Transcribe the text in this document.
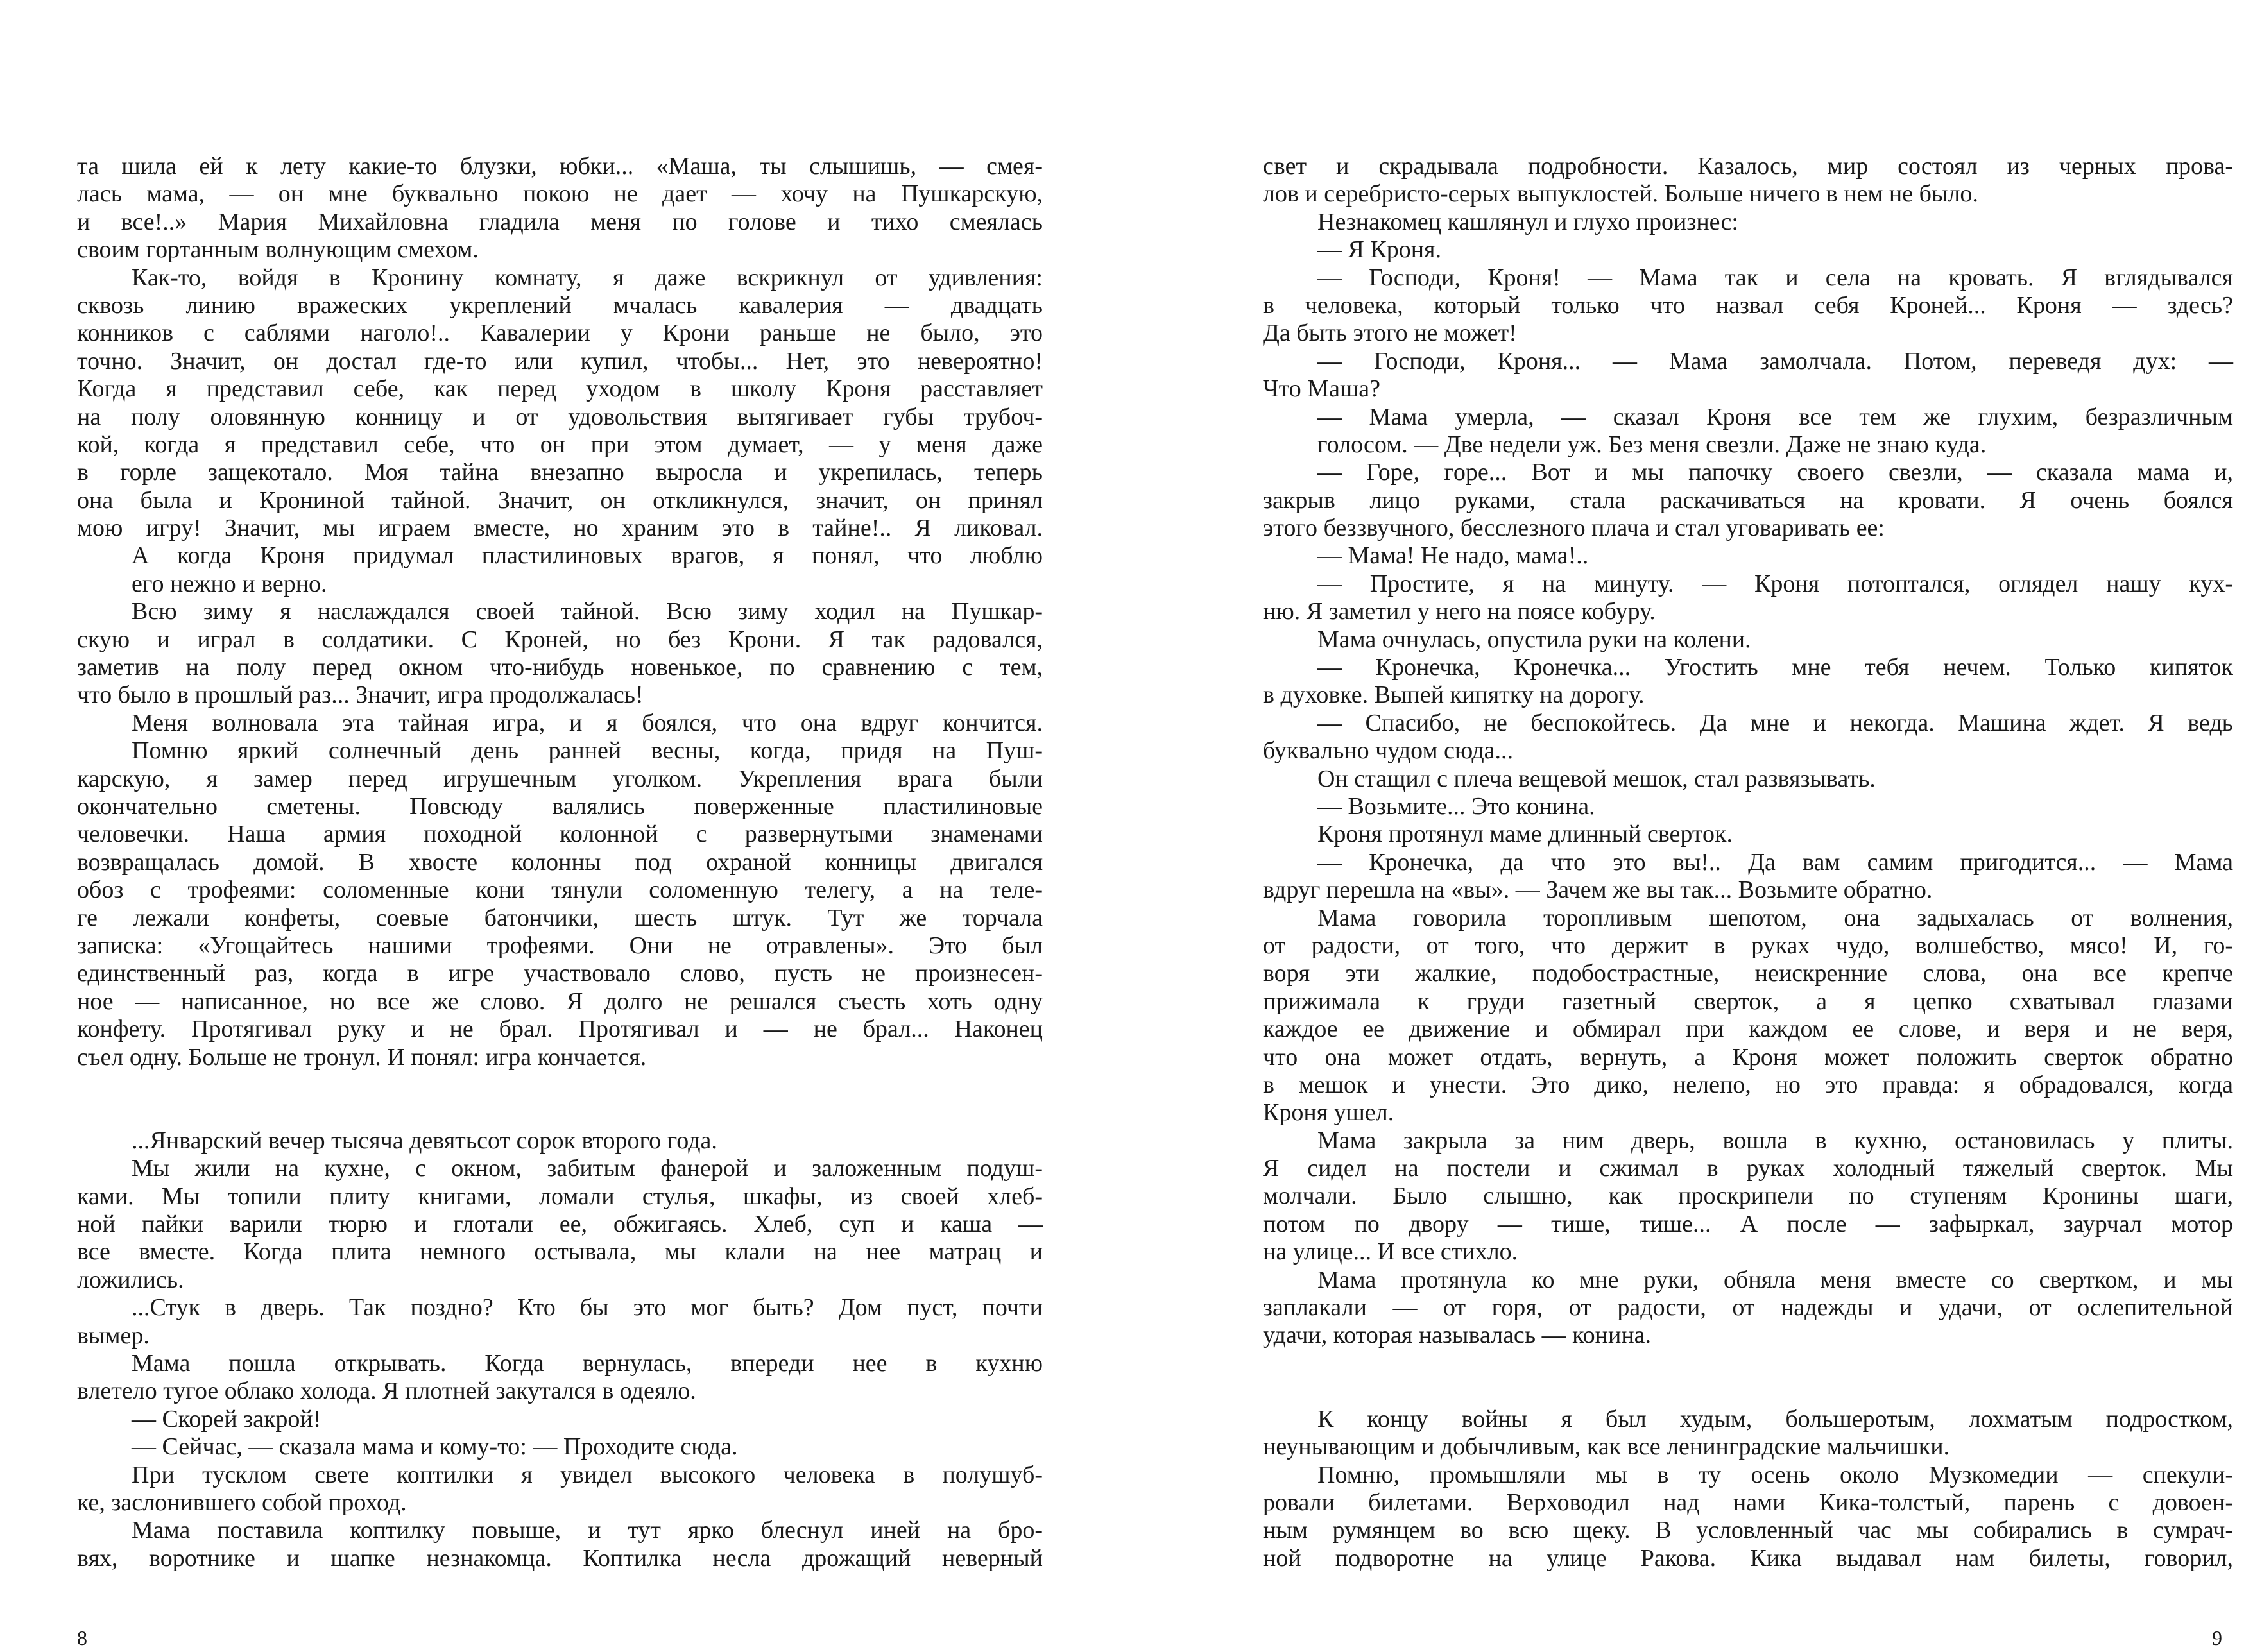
та шила ей к лету какие-то блузки, юбки... «Маша, ты слышишь, — смея-
лась мама, — он мне буквально покою не дает — хочу на Пушкарскую,
и все!..» Мария Михайловна гладила меня по голове и тихо смеялась
своим гортанным волнующим смехом.
Как-то, войдя в Кронину комнату, я даже вскрикнул от удивления:
сквозь линию вражеских укреплений мчалась кавалерия — двадцать
конников с саблями наголо!.. Кавалерии у Крони раньше не было, это
точно. Значит, он достал где-то или купил, чтобы... Нет, это невероятно!
Когда я представил себе, как перед уходом в школу Кроня расставляет
на полу оловянную конницу и от удовольствия вытягивает губы трубоч-
кой, когда я представил себе, что он при этом думает, — у меня даже
в горле защекотало. Моя тайна внезапно выросла и укрепилась, теперь
она была и Крониной тайной. Значит, он откликнулся, значит, он принял
мою игру! Значит, мы играем вместе, но храним это в тайне!.. Я ликовал.
А когда Кроня придумал пластилиновых врагов, я понял, что люблю
его нежно и верно.
Всю зиму я наслаждался своей тайной. Всю зиму ходил на Пушкар-
скую и играл в солдатики. С Кроней, но без Крони. Я так радовался,
заметив на полу перед окном что-нибудь новенькое, по сравнению с тем,
что было в прошлый раз... Значит, игра продолжалась!
Меня волновала эта тайная игра, и я боялся, что она вдруг кончится.
Помню яркий солнечный день ранней весны, когда, придя на Пуш-
карскую, я замер перед игрушечным уголком. Укрепления врага были
окончательно сметены. Повсюду валялись поверженные пластилиновые
человечки. Наша армия походной колонной с развернутыми знаменами
возвращалась домой. В хвосте колонны под охраной конницы двигался
обоз с трофеями: соломенные кони тянули соломенную телегу, а на теле-
ге лежали конфеты, соевые батончики, шесть штук. Тут же торчала
записка: «Угощайтесь нашими трофеями. Они не отравлены». Это был
единственный раз, когда в игре участвовало слово, пусть не произнесен-
ное — написанное, но все же слово. Я долго не решался съесть хоть одну
конфету. Протягивал руку и не брал. Протягивал и — не брал... Наконец
съел одну. Больше не тронул. И понял: игра кончается.
...Январский вечер тысяча девятьсот сорок второго года.
Мы жили на кухне, с окном, забитым фанерой и заложенным подуш-
ками. Мы топили плиту книгами, ломали стулья, шкафы, из своей хлеб-
ной пайки варили тюрю и глотали ее, обжигаясь. Хлеб, суп и каша —
все вместе. Когда плита немного остывала, мы клали на нее матрац и
ложились.
...Стук в дверь. Так поздно? Кто бы это мог быть? Дом пуст, почти
вымер.
Мама пошла открывать. Когда вернулась, впереди нее в кухню
влетело тугое облако холода. Я плотней закутался в одеяло.
— Скорей закрой!
— Сейчас, — сказала мама и кому-то: — Проходите сюда.
При тусклом свете коптилки я увидел высокого человека в полушуб-
ке, заслонившего собой проход.
Мама поставила коптилку повыше, и тут ярко блеснул иней на бро-
вях, воротнике и шапке незнакомца. Коптилка несла дрожащий неверный
свет и скрадывала подробности. Казалось, мир состоял из черных прова-
лов и серебристо-серых выпуклостей. Больше ничего в нем не было.
Незнакомец кашлянул и глухо произнес:
— Я Кроня.
— Господи, Кроня! — Мама так и села на кровать. Я вглядывался
в человека, который только что назвал себя Кроней... Кроня — здесь?
Да быть этого не может!
— Господи, Кроня... — Мама замолчала. Потом, переведя дух: —
Что Маша?
— Мама умерла, — сказал Кроня все тем же глухим, безразличным
голосом. — Две недели уж. Без меня свезли. Даже не знаю куда.
— Горе, горе... Вот и мы папочку своего свезли, — сказала мама и,
закрыв лицо руками, стала раскачиваться на кровати. Я очень боялся
этого беззвучного, бесслезного плача и стал уговаривать ее:
— Мама! Не надо, мама!..
— Простите, я на минуту. — Кроня потоптался, оглядел нашу кух-
ню. Я заметил у него на поясе кобуру.
Мама очнулась, опустила руки на колени.
— Кронечка, Кронечка... Угостить мне тебя нечем. Только кипяток
в духовке. Выпей кипятку на дорогу.
— Спасибо, не беспокойтесь. Да мне и некогда. Машина ждет. Я ведь
буквально чудом сюда...
Он стащил с плеча вещевой мешок, стал развязывать.
— Возьмите... Это конина.
Кроня протянул маме длинный сверток.
— Кронечка, да что это вы!.. Да вам самим пригодится... — Мама
вдруг перешла на «вы». — Зачем же вы так... Возьмите обратно.
Мама говорила торопливым шепотом, она задыхалась от волнения,
от радости, от того, что держит в руках чудо, волшебство, мясо! И, го-
воря эти жалкие, подобострастные, неискренние слова, она все крепче
прижимала к груди газетный сверток, а я цепко схватывал глазами
каждое ее движение и обмирал при каждом ее слове, и веря и не веря,
что она может отдать, вернуть, а Кроня может положить сверток обратно
в мешок и унести. Это дико, нелепо, но это правда: я обрадовался, когда
Кроня ушел.
Мама закрыла за ним дверь, вошла в кухню, остановилась у плиты.
Я сидел на постели и сжимал в руках холодный тяжелый сверток. Мы
молчали. Было слышно, как проскрипели по ступеням Кронины шаги,
потом по двору — тише, тише... А после — зафыркал, заурчал мотор
на улице... И все стихло.
Мама протянула ко мне руки, обняла меня вместе со свертком, и мы
заплакали — от горя, от радости, от надежды и удачи, от ослепительной
удачи, которая называлась — конина.
К концу войны я был худым, большеротым, лохматым подростком,
неунывающим и добычливым, как все ленинградские мальчишки.
Помню, промышляли мы в ту осень около Музкомедии — спекули-
ровали билетами. Верховодил над нами Кика-толстый, парень с довоен-
ным румянцем во всю щеку. В условленный час мы собирались в сумрач-
ной подворотне на улице Ракова. Кика выдавал нам билеты, говорил,
8	9
